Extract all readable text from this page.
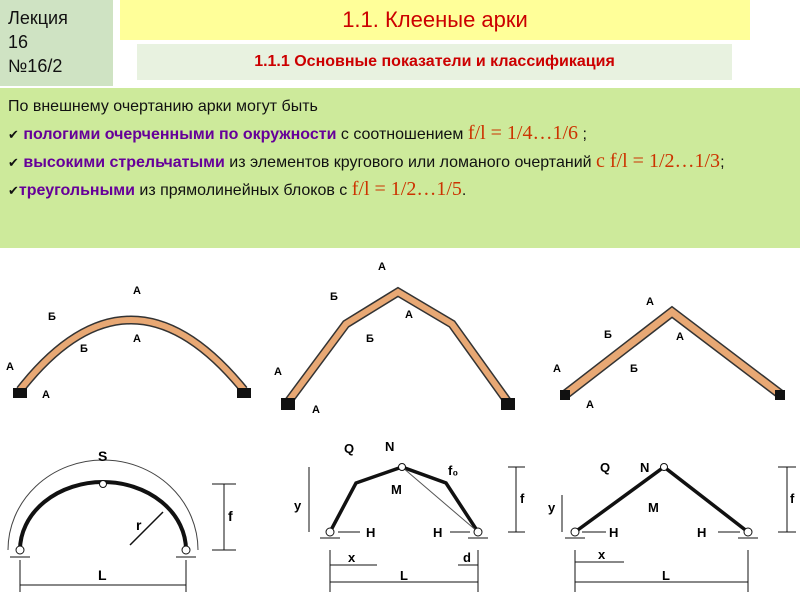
Лекция
16
№16/2
1.1. Клееные арки
1.1.1 Основные показатели и классификация
По внешнему очертанию арки могут быть
✔ пологими очерченными по окружности с соотношением f/l = 1/4…1/6 ;
✔ высокими стрельчатыми из элементов кругового или ломаного очертаний с f/l = 1/2…1/3;
✔треугольными из прямолинейных блоков с f/l = 1/2…1/5.
А
А
Б
Б
А
А
А
Б
Б
А
А
А
А
Б
Б
А
А
А
S
f
r
L
Q N
M
f₀
y
H	H
x	d
L
f
Q N
M
y
H	H
x
L
f
